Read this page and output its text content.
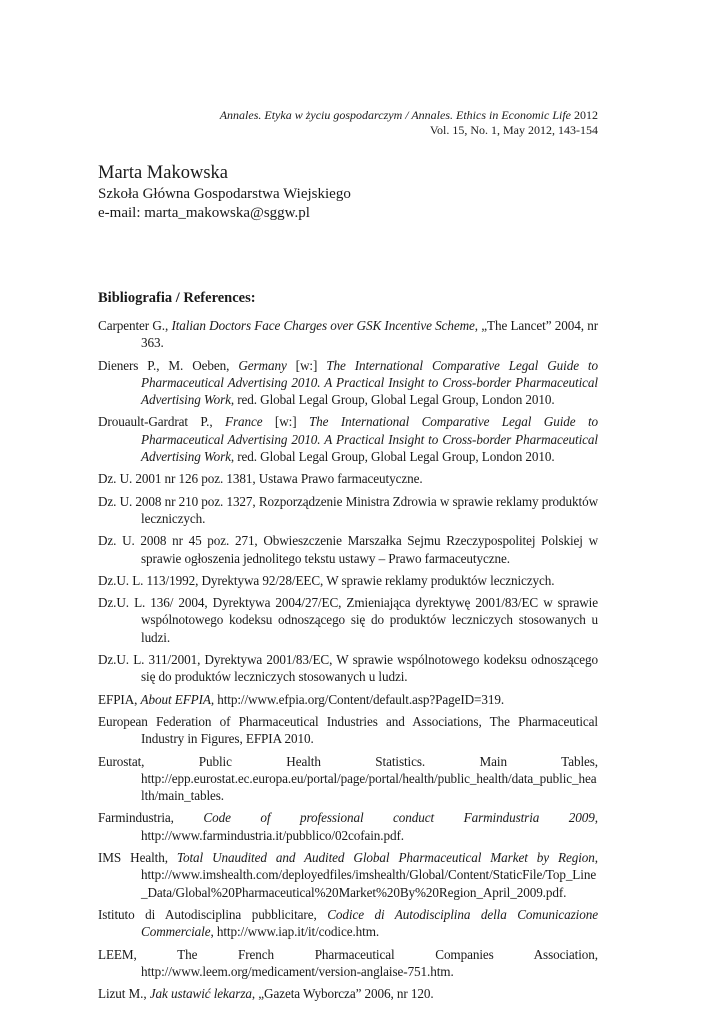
Annales. Etyka w życiu gospodarczym / Annales. Ethics in Economic Life 2012
Vol. 15, No. 1, May 2012, 143-154

Marta Makowska

Szkoła Główna Gospodarstwa Wiejskiego

e-mail: marta_makowska@sggw.pl

Bibliografia / References:
Carpenter G., Italian Doctors Face Charges over GSK Incentive Scheme, „The Lancet” 2004, nr 363.
Dieners P., M. Oeben, Germany [w:] The International Comparative Legal Guide to Pharmaceutical Advertising 2010. A Practical Insight to Cross-border Pharmaceutical Advertising Work, red. Global Legal Group, Global Legal Group, London 2010.
Drouault-Gardrat P., France [w:] The International Comparative Legal Guide to Pharmaceutical Advertising 2010. A Practical Insight to Cross-border Pharmaceutical Advertising Work, red. Global Legal Group, Global Legal Group, London 2010.
Dz. U. 2001 nr 126 poz. 1381, Ustawa Prawo farmaceutyczne.
Dz. U. 2008 nr 210 poz. 1327, Rozporządzenie Ministra Zdrowia w sprawie reklamy produktów leczniczych.
Dz. U. 2008 nr 45 poz. 271, Obwieszczenie Marszałka Sejmu Rzeczypospolitej Polskiej w sprawie ogłoszenia jednolitego tekstu ustawy – Prawo farmaceutyczne.
Dz.U. L. 113/1992, Dyrektywa 92/28/EEC, W sprawie reklamy produktów leczniczych.
Dz.U. L. 136/ 2004, Dyrektywa 2004/27/EC, Zmieniająca dyrektywę 2001/83/EC w sprawie wspólnotowego kodeksu odnoszącego się do produktów leczniczych stosowanych u ludzi.
Dz.U. L. 311/2001, Dyrektywa 2001/83/EC, W sprawie wspólnotowego kodeksu odnoszącego się do produktów leczniczych stosowanych u ludzi.
EFPIA, About EFPIA, http://www.efpia.org/Content/default.asp?PageID=319.
European Federation of Pharmaceutical Industries and Associations, The Pharmaceutical Industry in Figures, EFPIA 2010.
Eurostat, Public Health Statistics. Main Tables, http://epp.eurostat.ec.europa.eu/portal/page/portal/health/public_health/data_public_health/main_tables.
Farmindustria, Code of professional conduct Farmindustria 2009, http://www.farmindustria.it/pubblico/02cofain.pdf.
IMS Health, Total Unaudited and Audited Global Pharmaceutical Market by Region, http://www.imshealth.com/deployedfiles/imshealth/Global/Content/StaticFile/Top_Line_Data/Global%20Pharmaceutical%20Market%20By%20Region_April_2009.pdf.
Istituto di Autodisciplina pubblicitare, Codice di Autodisciplina della Comunicazione Commerciale, http://www.iap.it/it/codice.htm.
LEEM, The French Pharmaceutical Companies Association, http://www.leem.org/medicament/version-anglaise-751.htm.
Lizut M., Jak ustawić lekarza, „Gazeta Wyborcza” 2006, nr 120.
